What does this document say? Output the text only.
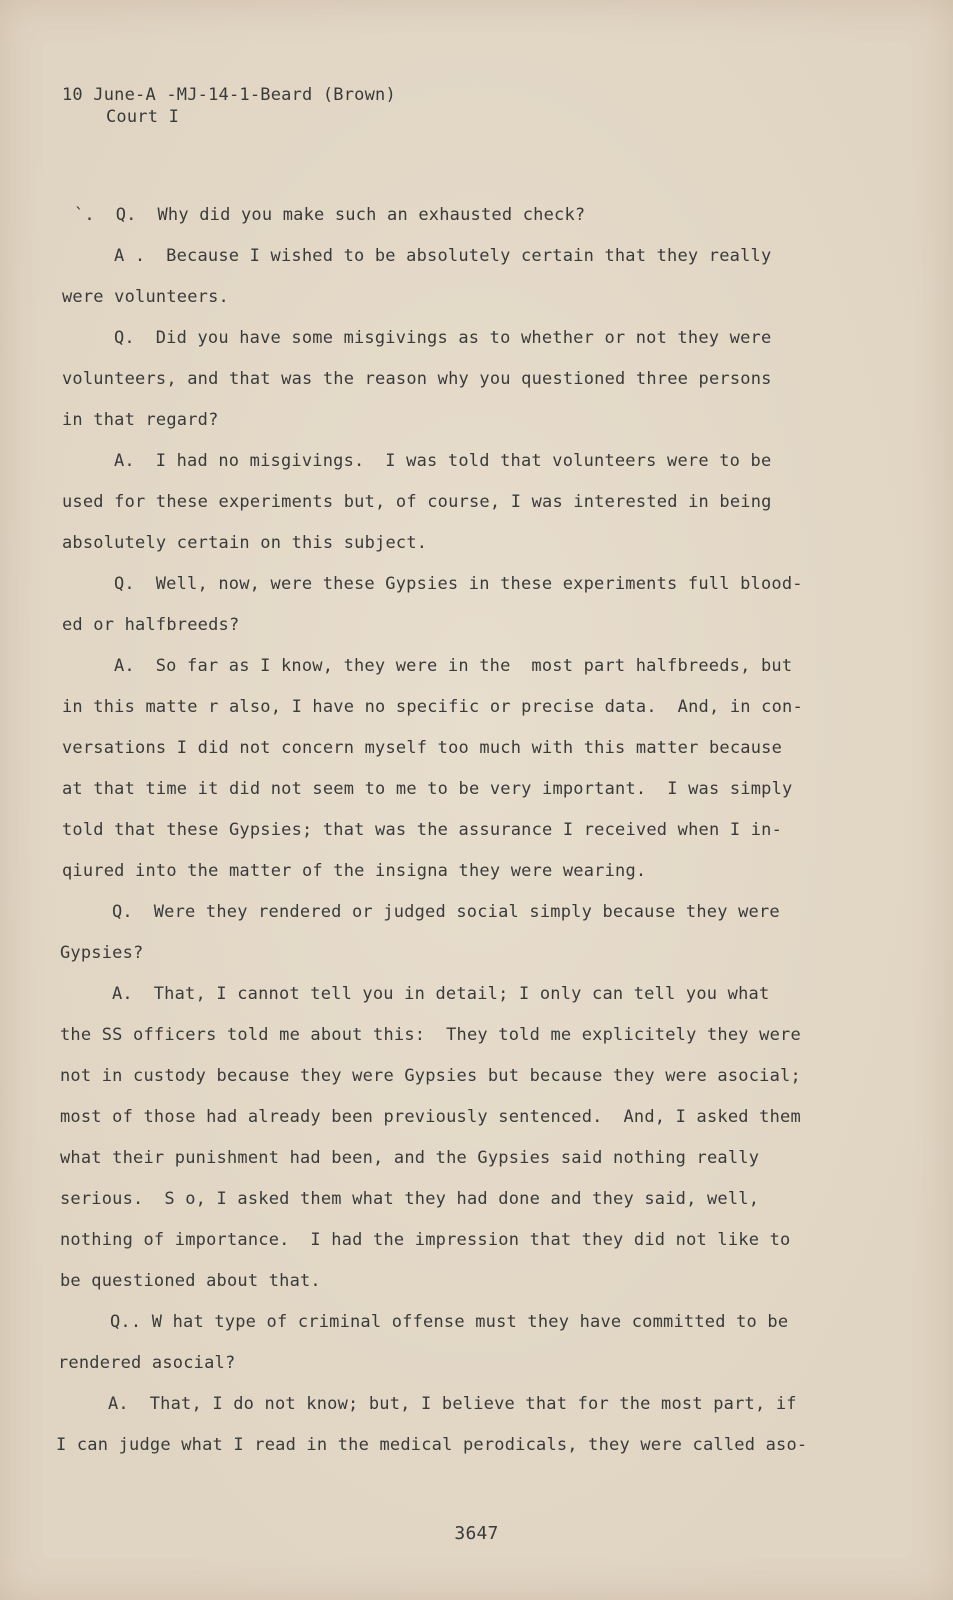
10 June-A -MJ-14-1-Beard (Brown)
Court I
`.  Q.  Why did you make such an exhausted check?
A .  Because I wished to be absolutely certain that they really
were volunteers.
Q.  Did you have some misgivings as to whether or not they were
volunteers, and that was the reason why you questioned three persons
in that regard?
A.  I had no misgivings.  I was told that volunteers were to be
used for these experiments but, of course, I was interested in being
absolutely certain on this subject.
Q.  Well, now, were these Gypsies in these experiments full blood-
ed or halfbreeds?
A.  So far as I know, they were in the  most part halfbreeds, but
in this matte r also, I have no specific or precise data.  And, in con-
versations I did not concern myself too much with this matter because
at that time it did not seem to me to be very important.  I was simply
told that these Gypsies; that was the assurance I received when I in-
qiured into the matter of the insigna they were wearing.
Q.  Were they rendered or judged social simply because they were
Gypsies?
A.  That, I cannot tell you in detail; I only can tell you what
the SS officers told me about this:  They told me explicitely they were
not in custody because they were Gypsies but because they were asocial;
most of those had already been previously sentenced.  And, I asked them
what their punishment had been, and the Gypsies said nothing really
serious.  S o, I asked them what they had done and they said, well,
nothing of importance.  I had the impression that they did not like to
be questioned about that.
Q.. W hat type of criminal offense must they have committed to be
rendered asocial?
A.  That, I do not know; but, I believe that for the most part, if
I can judge what I read in the medical perodicals, they were called aso-
3647
